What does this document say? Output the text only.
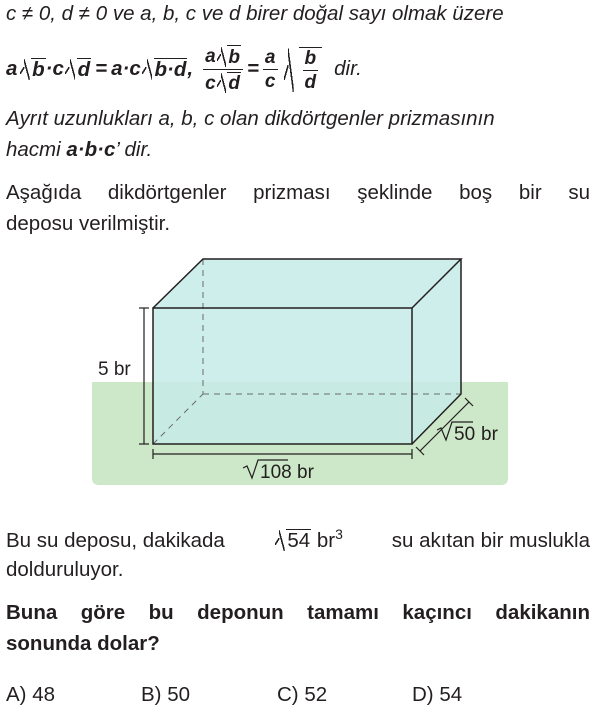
c ≠ 0, d ≠ 0 ve a, b, c ve d birer doğal sayı olmak üzere
a b · c d = a · c b·d , $\frac{\text{a b}}{\text{c d}} = \frac{a}{c} \frac{b}{d}$ dir.
Ayrıt uzunlukları a, b, c olan dikdörtgenler prizmasının
hacmi a·b·c’ dir.
Aşağıda dikdörtgenler prizması şeklinde boş bir su
deposu verilmiştir.
5 br
108 br
50 br
Bu su deposu, dakikada	54 $br^3$ su akıtan bir muslukla
dolduruluyor.
Buna göre bu deponun tamamı kaçıncı dakikanın
sonunda dolar?
A) 48	B) 50	C) 52	D) 54
